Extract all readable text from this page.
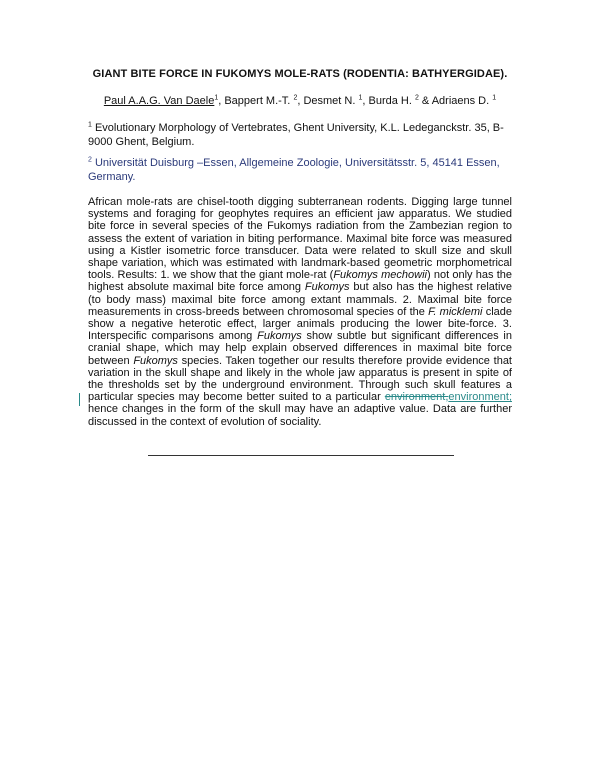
GIANT BITE FORCE IN FUKOMYS MOLE-RATS (RODENTIA: BATHYERGIDAE).
Paul A.A.G. Van Daele$^1$, Bappert M.-T. $^2$, Desmet N. $^1$, Burda H. $^2$ & Adriaens D. $^1$
$^1$ Evolutionary Morphology of Vertebrates, Ghent University, K.L. Ledeganckstr. 35, B-9000 Ghent, Belgium.
$^2$ Universität Duisburg –Essen, Allgemeine Zoologie, Universitätsstr. 5, 45141 Essen, Germany.
African mole-rats are chisel-tooth digging subterranean rodents. Digging large tunnel systems and foraging for geophytes requires an efficient jaw apparatus. We studied bite force in several species of the Fukomys radiation from the Zambezian region to assess the extent of variation in biting performance. Maximal bite force was measured using a Kistler isometric force transducer. Data were related to skull size and skull shape variation, which was estimated with landmark-based geometric morphometrical tools. Results: 1. we show that the giant mole-rat (Fukomys mechowii) not only has the highest absolute maximal bite force among Fukomys but also has the highest relative (to body mass) maximal bite force among extant mammals. 2. Maximal bite force measurements in cross-breeds between chromosomal species of the F. micklemi clade show a negative heterotic effect, larger animals producing the lower bite-force. 3. Interspecific comparisons among Fukomys show subtle but significant differences in cranial shape, which may help explain observed differences in maximal bite force between Fukomys species. Taken together our results therefore provide evidence that variation in the skull shape and likely in the whole jaw apparatus is present in spite of the thresholds set by the underground environment. Through such skull features a particular species may become better suited to a particular environment,environment; hence changes in the form of the skull may have an adaptive value. Data are further discussed in the context of evolution of sociality.
